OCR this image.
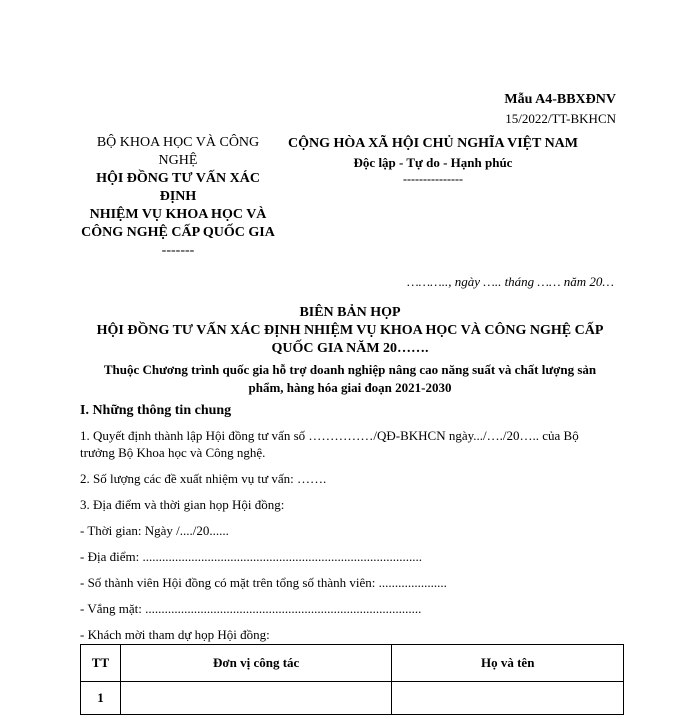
Mẫu A4-BBXĐNV
15/2022/TT-BKHCN
BỘ KHOA HỌC VÀ CÔNG
NGHỆ
HỘI ĐỒNG TƯ VẤN XÁC
ĐỊNH
NHIỆM VỤ KHOA HỌC VÀ
CÔNG NGHỆ CẤP QUỐC GIA
-------
CỘNG HÒA XÃ HỘI CHỦ NGHĨA VIỆT NAM
Độc lập - Tự do - Hạnh phúc
---------------
……….., ngày ….. tháng …… năm 20…
BIÊN BẢN HỌP
HỘI ĐỒNG TƯ VẤN XÁC ĐỊNH NHIỆM VỤ KHOA HỌC VÀ CÔNG NGHỆ CẤP
QUỐC GIA NĂM 20…….
Thuộc Chương trình quốc gia hỗ trợ doanh nghiệp nâng cao năng suất và chất lượng sản
phẩm, hàng hóa giai đoạn 2021-2030
I. Những thông tin chung
1. Quyết định thành lập Hội đồng tư vấn số ……………/QĐ-BKHCN ngày.../…./20….. của Bộ
trưởng Bộ Khoa học và Công nghệ.
2. Số lượng các đề xuất nhiệm vụ tư vấn: …….
3. Địa điểm và thời gian họp Hội đồng:
- Thời gian: Ngày /..../20......
- Địa điểm: ......................................................................................
- Số thành viên Hội đồng có mặt trên tổng số thành viên: .....................
- Vắng mặt: .....................................................................................
- Khách mời tham dự họp Hội đồng:
TT	Đơn vị công tác	Họ và tên
1		
